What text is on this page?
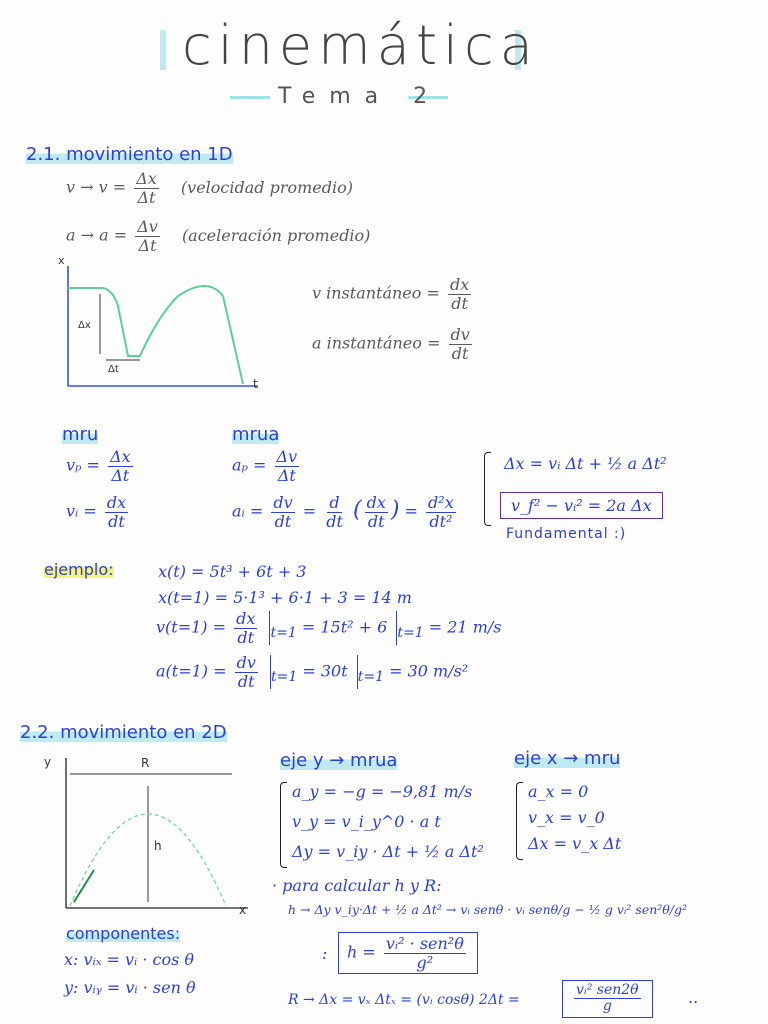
cinemática
Tema 2
2.1. movimiento en 1D
$v \to v = \frac{\Delta x}{\Delta t}$ (velocidad promedio)
$a \to a = \frac{\Delta v}{\Delta t}$ (aceleración promedio)
x
t
Δx
Δt
v instantáneo = $\frac{dx}{dt}$
a instantáneo = $\frac{dv}{dt}$
mru
$v_p = \frac{\Delta x}{\Delta t}$
vᵢ = $\frac{dx}{dt}$
mrua
$a_p = \frac{\Delta v}{\Delta t}$
aᵢ = $\frac{dv}{dt} = \frac{d}{dt}$ ( $\frac{dx}{dt}$ ) = $\frac{\text{d²x}}{\text{dt²}}$
Δx = vᵢ Δt + ½ a Δt²
v_f² − vᵢ² = 2a Δx
Fundamental :)
ejemplo:	x(t) = 5t³ + 6t + 3
x(t=1) = 5·1³ + 6·1 + 3 = 14 m
$v(t=1) = \frac{dx}{dt} _{t=1} = 15t^2 + 6$ $_{t=1}$ = 21 m/s
$a(t=1) = \frac{dv}{dt} _{t=1} = 30t$ $_{t=1}$ = 30 m/s²
2.2. movimiento en 2D
y
x
R
h
eje y → mrua
a_y = −g = −9,81 m/s
v_y = v_i_y^0 · a t
Δy = v_iy · Δt + ½ a Δt²
eje x → mru
a_x = 0
v_x = v_0
Δx = v_x Δt
· para calcular h y R:
h → Δy v_iy·Δt + ½ a Δt² → vᵢ senθ · vᵢ senθ/g − ½ g vᵢ² sen²θ/g²
:	$h = \frac{\text{vᵢ² · sen²θ}}{\text{g²}}$
R → Δx = vₓ Δtₓ = (vᵢ cosθ) 2Δt =	$\frac{\text{vᵢ² sen2θ}}{g}$	..
componentes:
x: vᵢₓ = vᵢ · cos θ
y: vᵢᵧ = vᵢ · sen θ
